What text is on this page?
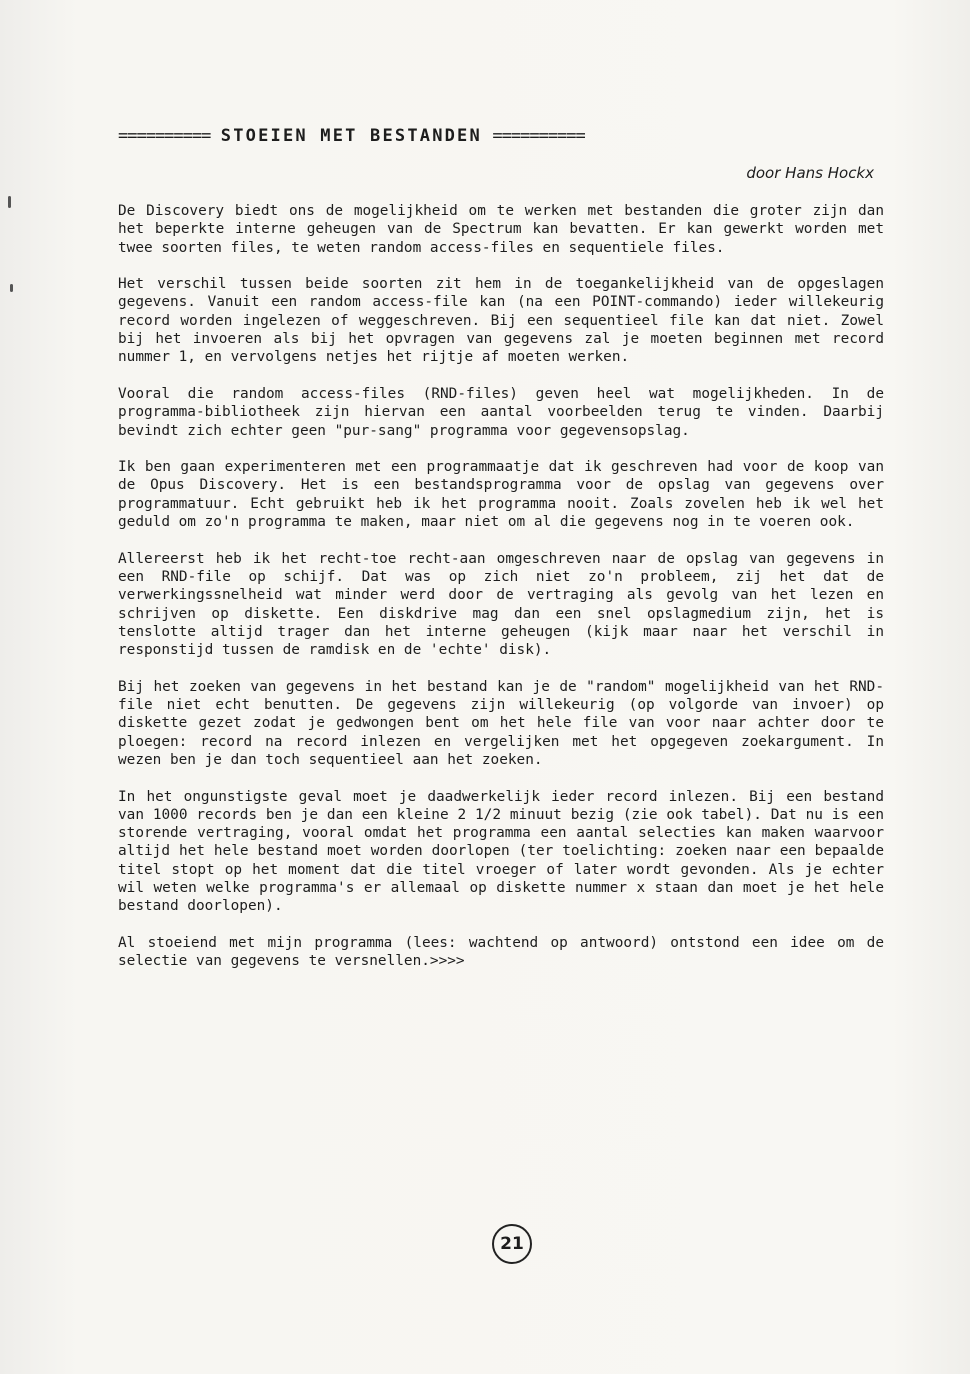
========== STOEIEN MET BESTANDEN ==========
door Hans Hockx

De Discovery biedt ons de mogelijkheid om te werken met bestanden die groter zijn dan het beperkte interne geheugen van de Spectrum kan bevatten. Er kan gewerkt worden met twee soorten files, te weten random access-files en sequentiele files.

Het verschil tussen beide soorten zit hem in de toegankelijkheid van de opgeslagen gegevens. Vanuit een random access-file kan (na een POINT-commando) ieder willekeurig record worden ingelezen of weggeschreven. Bij een sequentieel file kan dat niet. Zowel bij het invoeren als bij het opvragen van gegevens zal je moeten beginnen met record nummer 1, en vervolgens netjes het rijtje af moeten werken.

Vooral die random access-files (RND-files) geven heel wat mogelijkheden. In de programma-bibliotheek zijn hiervan een aantal voorbeelden terug te vinden. Daarbij bevindt zich echter geen "pur-sang" programma voor gegevensopslag.

Ik ben gaan experimenteren met een programmaatje dat ik geschreven had voor de koop van de Opus Discovery. Het is een bestandsprogramma voor de opslag van gegevens over programmatuur. Echt gebruikt heb ik het programma nooit. Zoals zovelen heb ik wel het geduld om zo'n programma te maken, maar niet om al die gegevens nog in te voeren ook.

Allereerst heb ik het recht-toe recht-aan omgeschreven naar de opslag van gegevens in een RND-file op schijf. Dat was op zich niet zo'n probleem, zij het dat de verwerkingssnelheid wat minder werd door de vertraging als gevolg van het lezen en schrijven op diskette. Een diskdrive mag dan een snel opslagmedium zijn, het is tenslotte altijd trager dan het interne geheugen (kijk maar naar het verschil in responstijd tussen de ramdisk en de 'echte' disk).

Bij het zoeken van gegevens in het bestand kan je de "random" mogelijkheid van het RND-file niet echt benutten. De gegevens zijn willekeurig (op volgorde van invoer) op diskette gezet zodat je gedwongen bent om het hele file van voor naar achter door te ploegen: record na record inlezen en vergelijken met het opgegeven zoekargument. In wezen ben je dan toch sequentieel aan het zoeken.

In het ongunstigste geval moet je daadwerkelijk ieder record inlezen. Bij een bestand van 1000 records ben je dan een kleine 2 1/2 minuut bezig (zie ook tabel). Dat nu is een storende vertraging, vooral omdat het programma een aantal selecties kan maken waarvoor altijd het hele bestand moet worden doorlopen (ter toelichting: zoeken naar een bepaalde titel stopt op het moment dat die titel vroeger of later wordt gevonden. Als je echter wil weten welke programma's er allemaal op diskette nummer x staan dan moet je het hele bestand doorlopen).

Al stoeiend met mijn programma (lees: wachtend op antwoord) ontstond een idee om de selectie van gegevens te versnellen.>>>>

21
